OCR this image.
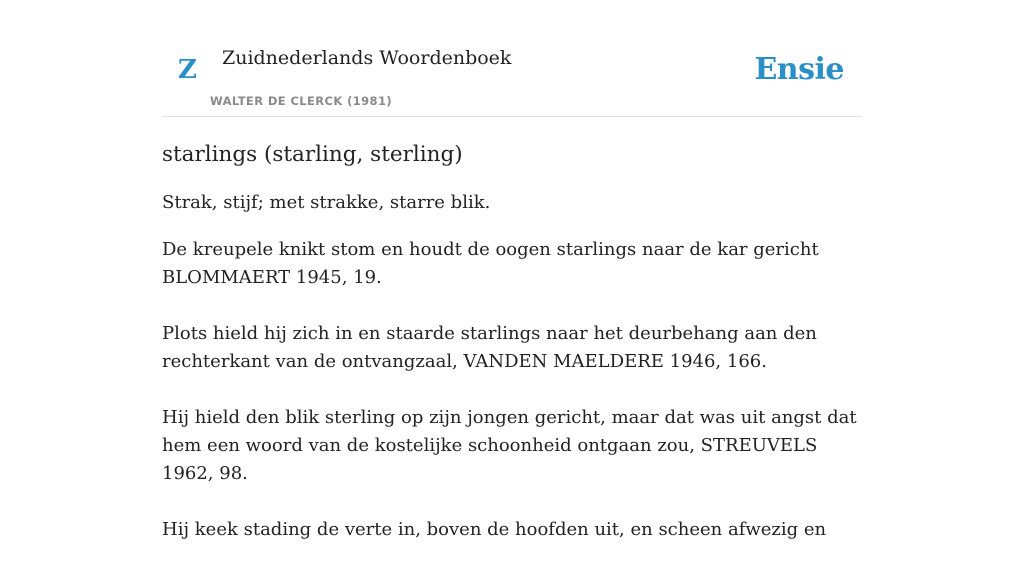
Z Zuidnederlands Woordenboek
WALTER DE CLERCK (1981)
Ensie
starlings (starling, sterling)

Strak, stijf; met strakke, starre blik.

De kreupele knikt stom en houdt de oogen starlings naar de kar gericht BLOMMAERT 1945, 19.
Plots hield hij zich in en staarde starlings naar het deurbehang aan den rechterkant van de ontvangzaal, VANDEN MAELDERE 1946, 166.
Hij hield den blik sterling op zijn jongen gericht, maar dat was uit angst dat hem een woord van de kostelijke schoonheid ontgaan zou, STREUVELS 1962, 98.
Hij keek stading de verte in, boven de hoofden uit, en scheen afwezig en
